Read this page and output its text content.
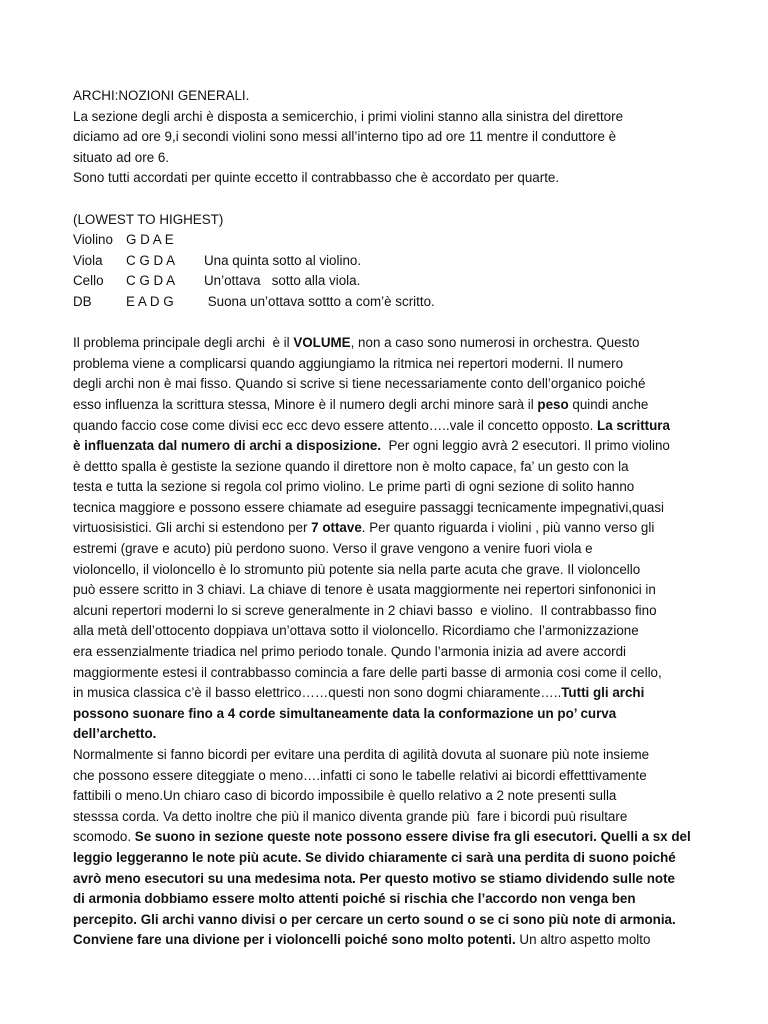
ARCHI:NOZIONI GENERALI.
La sezione degli archi è disposta a semicerchio, i primi violini stanno alla sinistra del direttore
diciamo ad ore 9,i secondi violini sono messi all’interno tipo ad ore 11 mentre il conduttore è
situato ad ore 6.
Sono tutti accordati per quinte eccetto il contrabbasso che è accordato per quarte.
(LOWEST TO HIGHEST)
Violino G D A E
Viola	C G D A	Una quinta sotto al violino.
Cello	C G D A	Un’ottava   sotto alla viola.
DB	E A D G	Suona un’ottava sottto a com’è scritto.
Il problema principale degli archi  è il VOLUME, non a caso sono numerosi in orchestra. Questo
problema viene a complicarsi quando aggiungiamo la ritmica nei repertori moderni. Il numero
degli archi non è mai fisso. Quando si scrive si tiene necessariamente conto dell’organico poiché
esso influenza la scrittura stessa, Minore è il numero degli archi minore sarà il peso quindi anche
quando faccio cose come divisi ecc ecc devo essere attento…..vale il concetto opposto. La scrittura
è influenzata dal numero di archi a disposizione.  Per ogni leggio avrà 2 esecutori. Il primo violino
è dettto spalla è gestiste la sezione quando il direttore non è molto capace, fa’ un gesto con la
testa e tutta la sezione si regola col primo violino. Le prime partì di ogni sezione di solito hanno
tecnica maggiore e possono essere chiamate ad eseguire passaggi tecnicamente impegnativi,quasi
virtuosisistici. Gli archi si estendono per 7 ottave. Per quanto riguarda i violini , più vanno verso gli
estremi (grave e acuto) più perdono suono. Verso il grave vengono a venire fuori viola e
violoncello, il violoncello è lo stromunto più potente sia nella parte acuta che grave. Il violoncello
può essere scritto in 3 chiavi. La chiave di tenore è usata maggiormente nei repertori sinfononici in
alcuni repertori moderni lo si screve generalmente in 2 chiavi basso  e violino.  Il contrabbasso fino
alla metà dell’ottocento doppiava un’ottava sotto il violoncello. Ricordiamo che l’armonizzazione
era essenzialmente triadica nel primo periodo tonale. Qundo l’armonia inizia ad avere accordi
maggiormente estesi il contrabbasso comincia a fare delle parti basse di armonia cosi come il cello,
in musica classica c’è il basso elettrico……questi non sono dogmi chiaramente…..Tutti gli archi
possono suonare fino a 4 corde simultaneamente data la conformazione un po’ curva
dell’archetto.
Normalmente si fanno bicordi per evitare una perdita di agilità dovuta al suonare più note insieme
che possono essere diteggiate o meno….infatti ci sono le tabelle relativi ai bicordi effetttivamente
fattibili o meno.Un chiaro caso di bicordo impossibile è quello relativo a 2 note presenti sulla
stesssa corda. Va detto inoltre che più il manico diventa grande più  fare i bicordi puù risultare
scomodo. Se suono in sezione queste note possono essere divise fra gli esecutori. Quelli a sx del
leggio leggeranno le note più acute. Se divido chiaramente ci sarà una perdita di suono poiché
avrò meno esecutori su una medesima nota. Per questo motivo se stiamo dividendo sulle note
di armonia dobbiamo essere molto attenti poiché si rischia che l’accordo non venga ben
percepito. Gli archi vanno divisi o per cercare un certo sound o se ci sono più note di armonia.
Conviene fare una divione per i violoncelli poiché sono molto potenti. Un altro aspetto molto
